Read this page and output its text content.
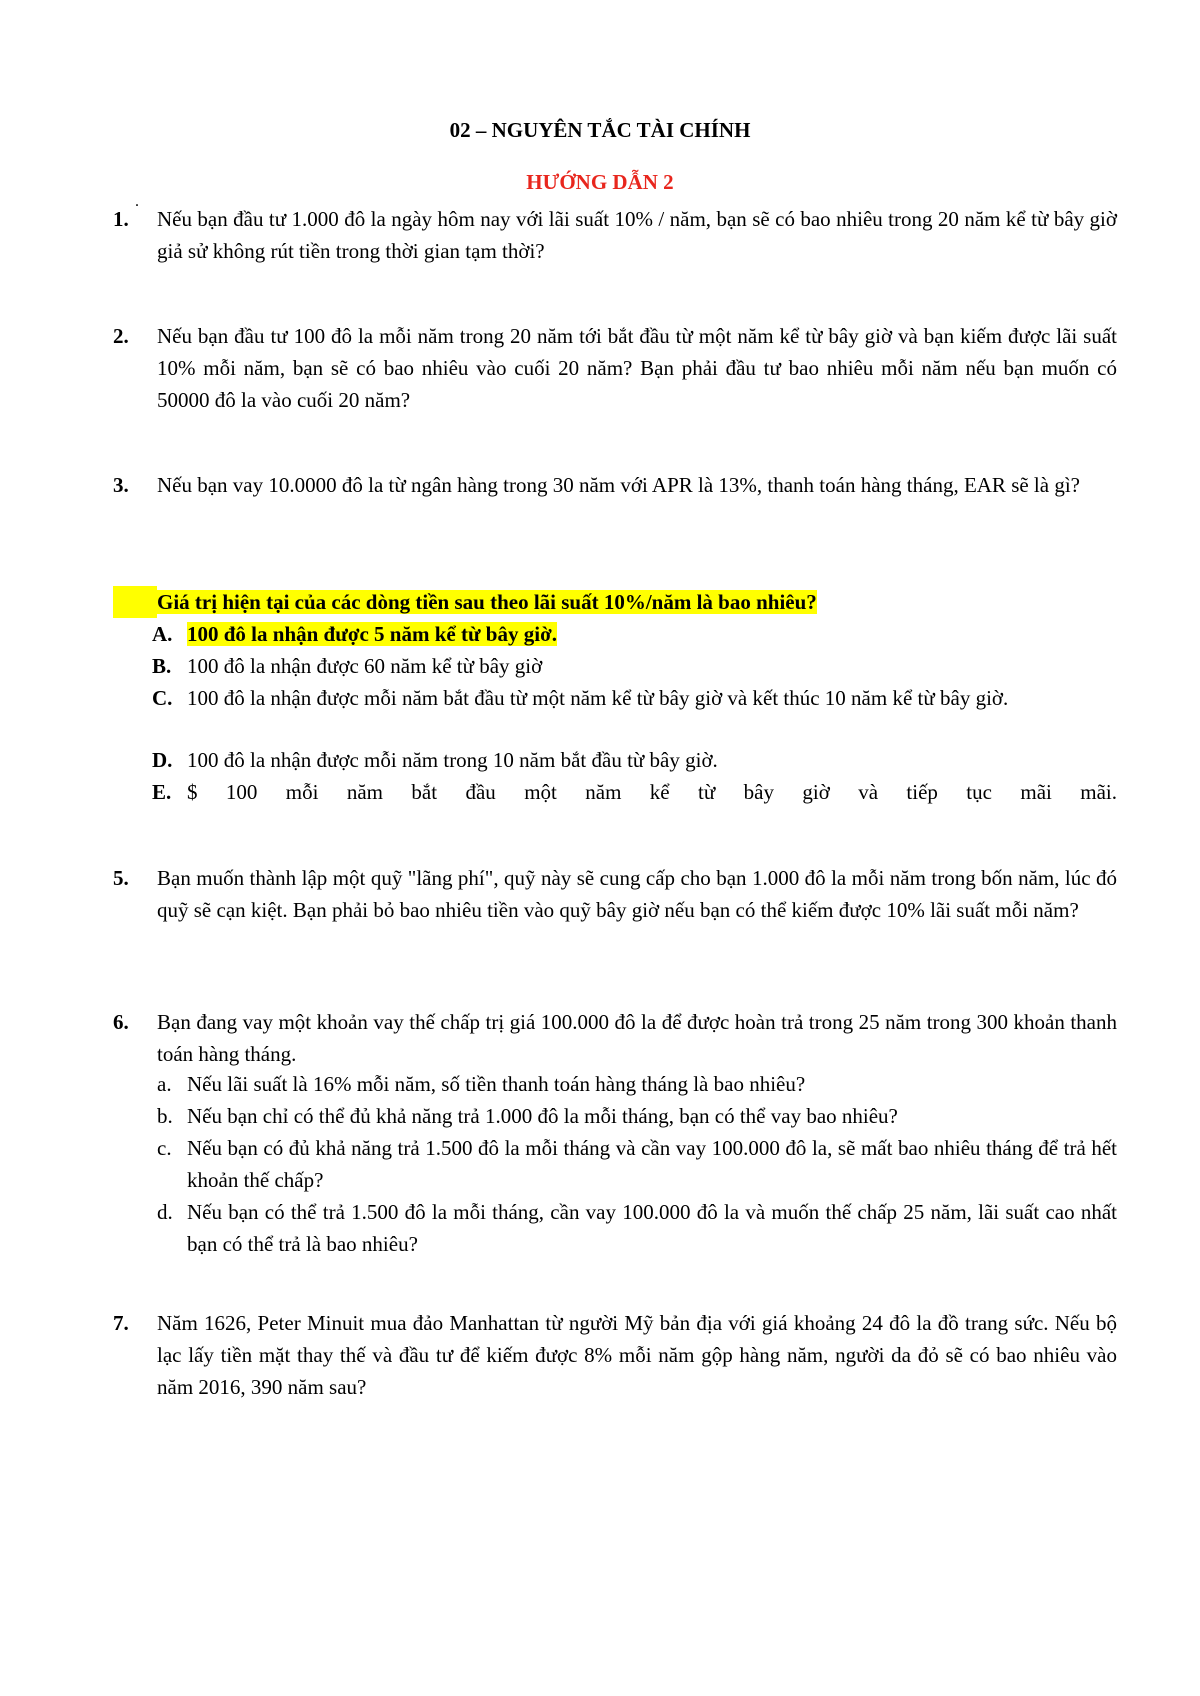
02 – NGUYÊN TẮC TÀI CHÍNH
HƯỚNG DẪN 2
.
1. Nếu bạn đầu tư 1.000 đô la ngày hôm nay với lãi suất 10% / năm, bạn sẽ có bao nhiêu trong 20 năm kể từ bây giờ giả sử không rút tiền trong thời gian tạm thời?
2. Nếu bạn đầu tư 100 đô la mỗi năm trong 20 năm tới bắt đầu từ một năm kể từ bây giờ và bạn kiếm được lãi suất 10% mỗi năm, bạn sẽ có bao nhiêu vào cuối 20 năm? Bạn phải đầu tư bao nhiêu mỗi năm nếu bạn muốn có 50000 đô la vào cuối 20 năm?
3. Nếu bạn vay 10.0000 đô la từ ngân hàng trong 30 năm với APR là 13%, thanh toán hàng tháng, EAR sẽ là gì?
Giá trị hiện tại của các dòng tiền sau theo lãi suất 10%/năm là bao nhiêu?
A. 100 đô la nhận được 5 năm kể từ bây giờ.
B. 100 đô la nhận được 60 năm kể từ bây giờ
C. 100 đô la nhận được mỗi năm bắt đầu từ một năm kể từ bây giờ và kết thúc 10 năm kể từ bây giờ.
D. 100 đô la nhận được mỗi năm trong 10 năm bắt đầu từ bây giờ.
E. $ 100 mỗi năm bắt đầu một năm kể từ bây giờ và tiếp tục mãi mãi.
5. Bạn muốn thành lập một quỹ "lãng phí", quỹ này sẽ cung cấp cho bạn 1.000 đô la mỗi năm trong bốn năm, lúc đó quỹ sẽ cạn kiệt. Bạn phải bỏ bao nhiêu tiền vào quỹ bây giờ nếu bạn có thể kiếm được 10% lãi suất mỗi năm?
6. Bạn đang vay một khoản vay thế chấp trị giá 100.000 đô la để được hoàn trả trong 25 năm trong 300 khoản thanh toán hàng tháng.
a. Nếu lãi suất là 16% mỗi năm, số tiền thanh toán hàng tháng là bao nhiêu?
b. Nếu bạn chỉ có thể đủ khả năng trả 1.000 đô la mỗi tháng, bạn có thể vay bao nhiêu?
c. Nếu bạn có đủ khả năng trả 1.500 đô la mỗi tháng và cần vay 100.000 đô la, sẽ mất bao nhiêu tháng để trả hết khoản thế chấp?
d. Nếu bạn có thể trả 1.500 đô la mỗi tháng, cần vay 100.000 đô la và muốn thế chấp 25 năm, lãi suất cao nhất bạn có thể trả là bao nhiêu?
7. Năm 1626, Peter Minuit mua đảo Manhattan từ người Mỹ bản địa với giá khoảng 24 đô la đồ trang sức. Nếu bộ lạc lấy tiền mặt thay thế và đầu tư để kiếm được 8% mỗi năm gộp hàng năm, người da đỏ sẽ có bao nhiêu vào năm 2016, 390 năm sau?
